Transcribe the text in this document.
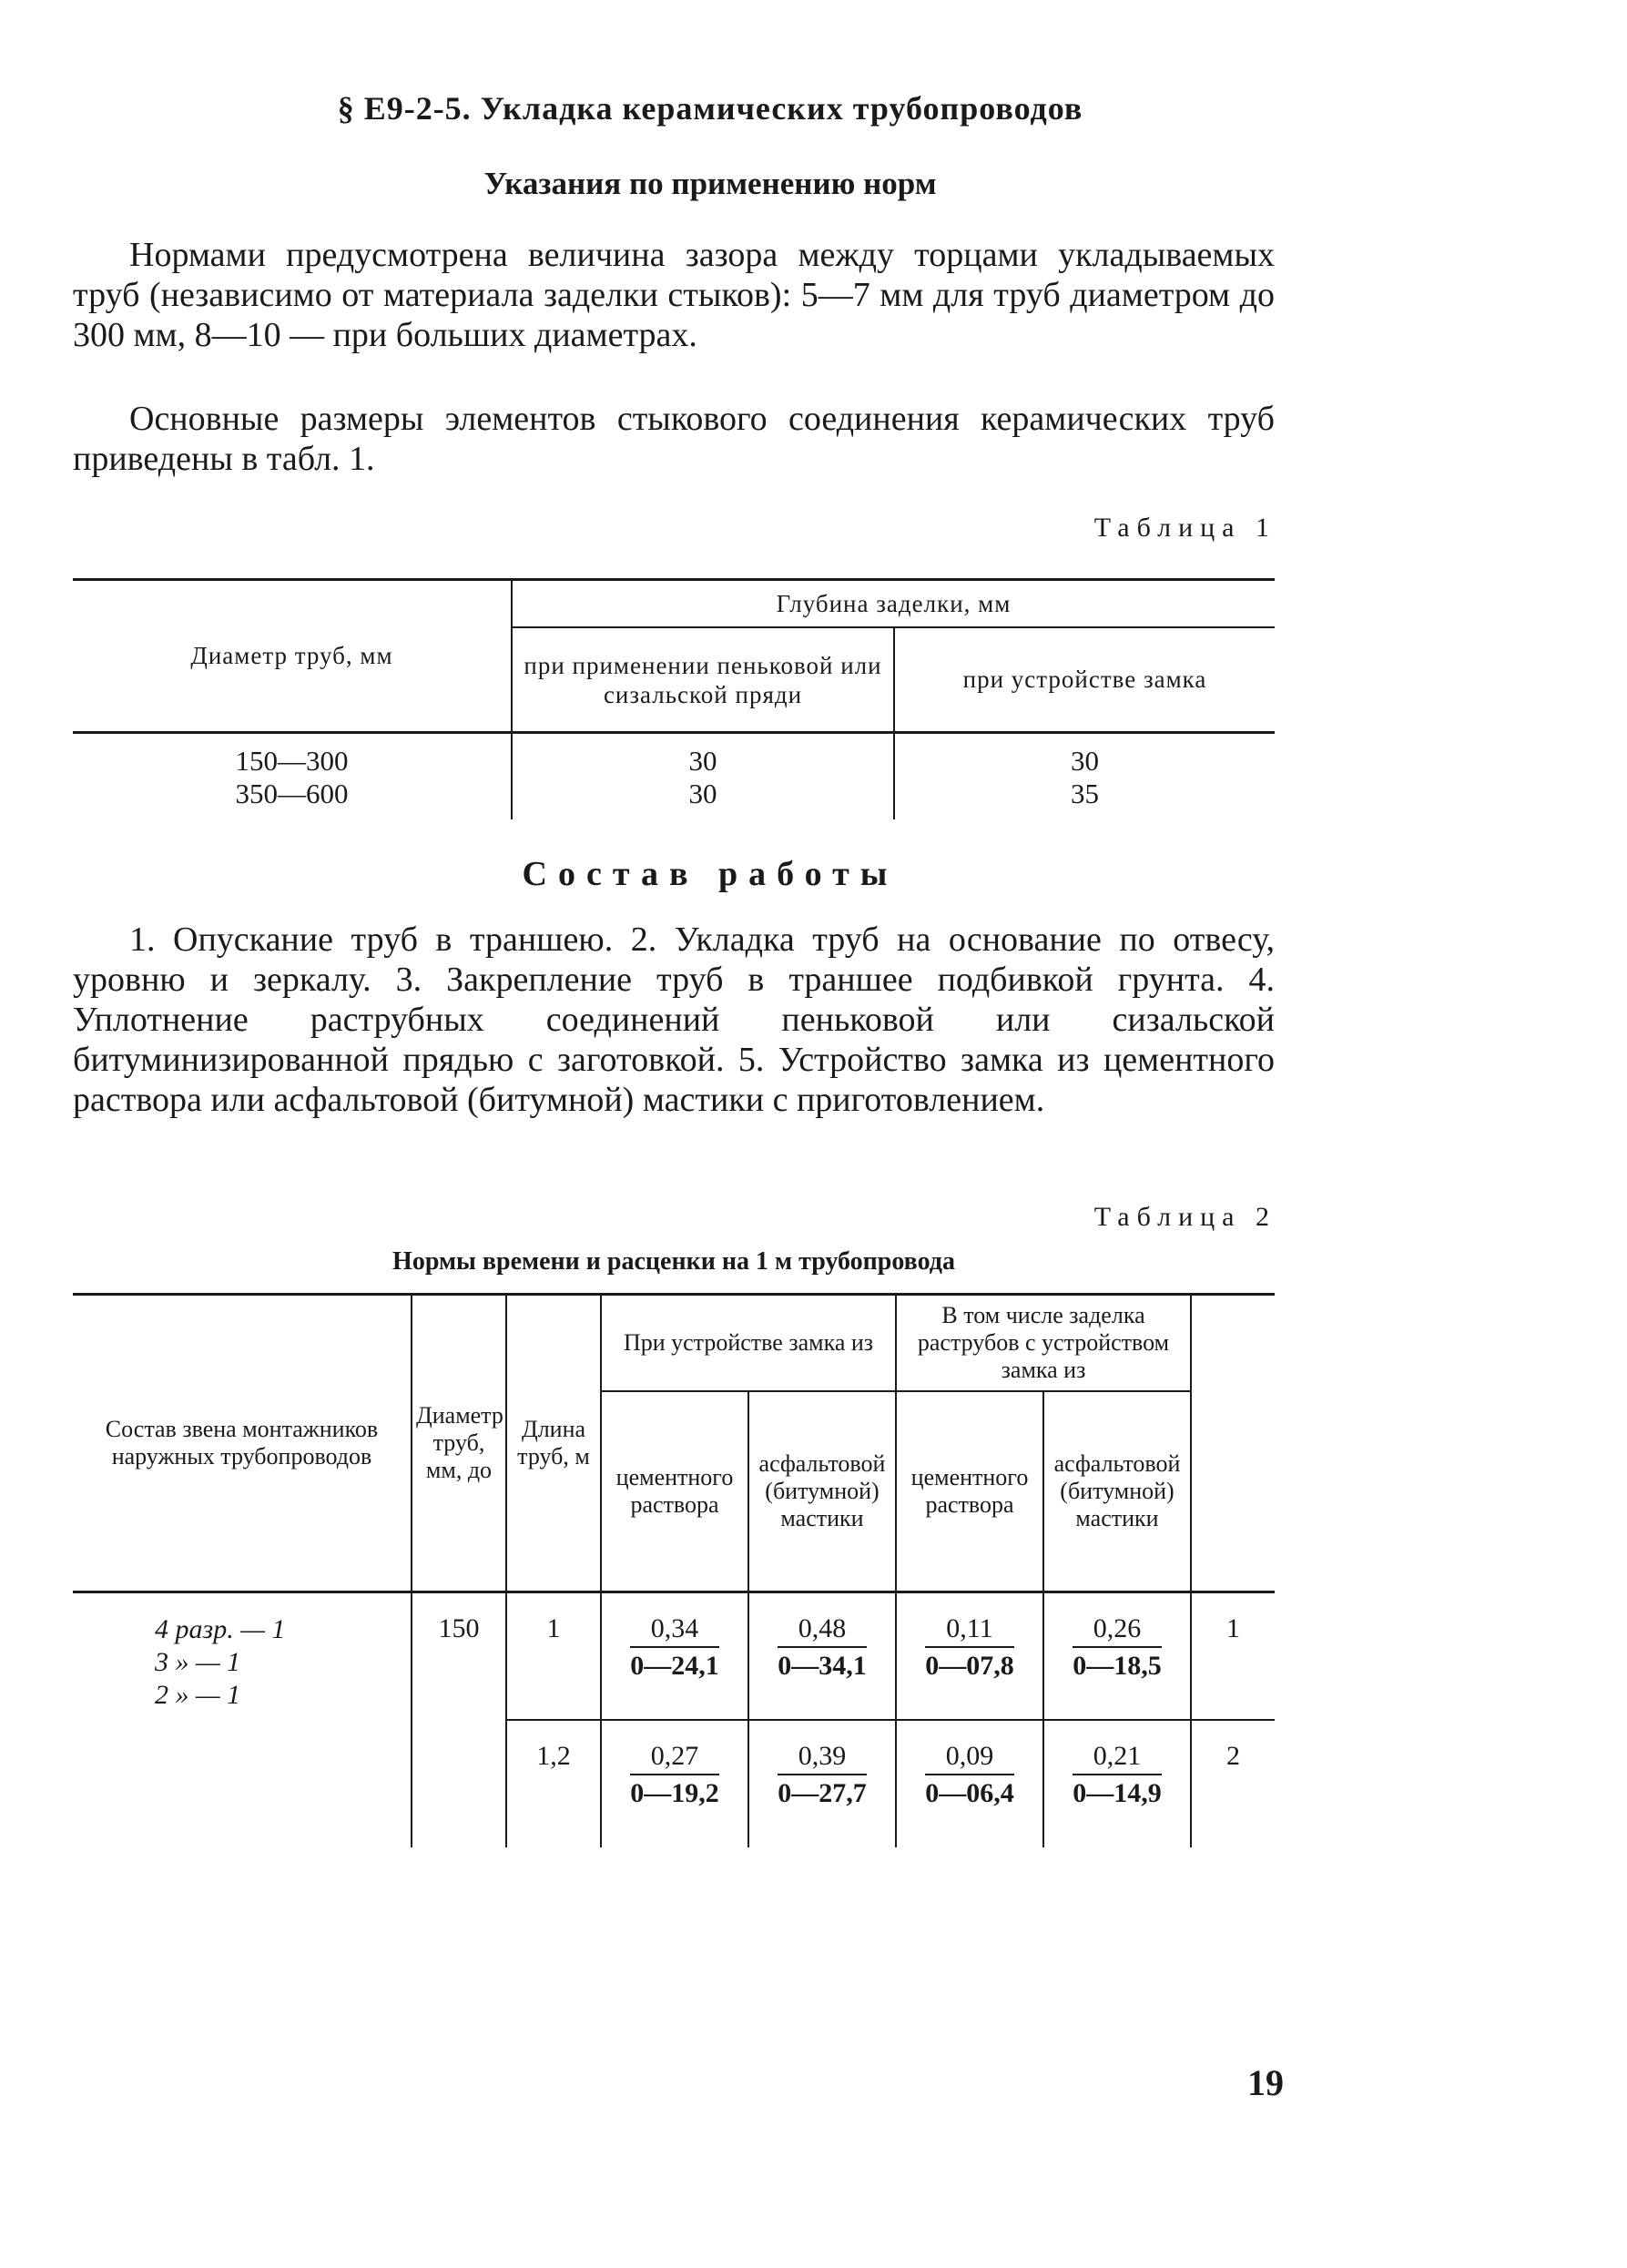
§ Е9-2-5. Укладка керамических трубопроводов
Указания по применению норм

Нормами предусмотрена величина зазора между торцами укладываемых труб (независимо от материала заделки стыков): 5—7 мм для труб диаметром до 300 мм, 8—10 — при больших диаметрах.

Основные размеры элементов стыкового соединения керамических труб приведены в табл. 1.

Таблица 1
Диаметр труб, мм	Глубина заделки, мм	
	при применении пеньковой или сизальской пряди	при устройстве замка
150—300	30	30
350—600	30	35
Состав работы

1. Опускание труб в траншею. 2. Укладка труб на основание по отвесу, уровню и зеркалу. 3. Закрепление труб в траншее подбивкой грунта. 4. Уплотнение раструбных соединений пеньковой или сизальской битуминизированной прядью с заготовкой. 5. Устройство замка из цементного раствора или асфальтовой (битумной) мастики с приготовлением.

Таблица 2
Нормы времени и расценки на 1 м трубопровода
Состав звена монтажников наружных трубопроводов	Диаметр труб, мм, до	Длина труб, м	При устройстве замка из		В том числе заделка раструбов с устройством замка из		
			цементного раствора	асфальтовой (битумной) мастики	цементного раствора	асфальтовой (битумной) мастики	

4 разр. — 1
3 » — 1
2 » — 1	150	1	$\frac{0,34}{0—24,1}$	$\frac{0,48}{0—34,1}$	$\frac{0,11}{0—07,8}$	$\frac{0,26}{0—18,5}$	1

		1,2	$\frac{0,27}{0—19,2}$	$\frac{0,39}{0—27,7}$	$\frac{0,09}{0—06,4}$	$\frac{0,21}{0—14,9}$	2
19
